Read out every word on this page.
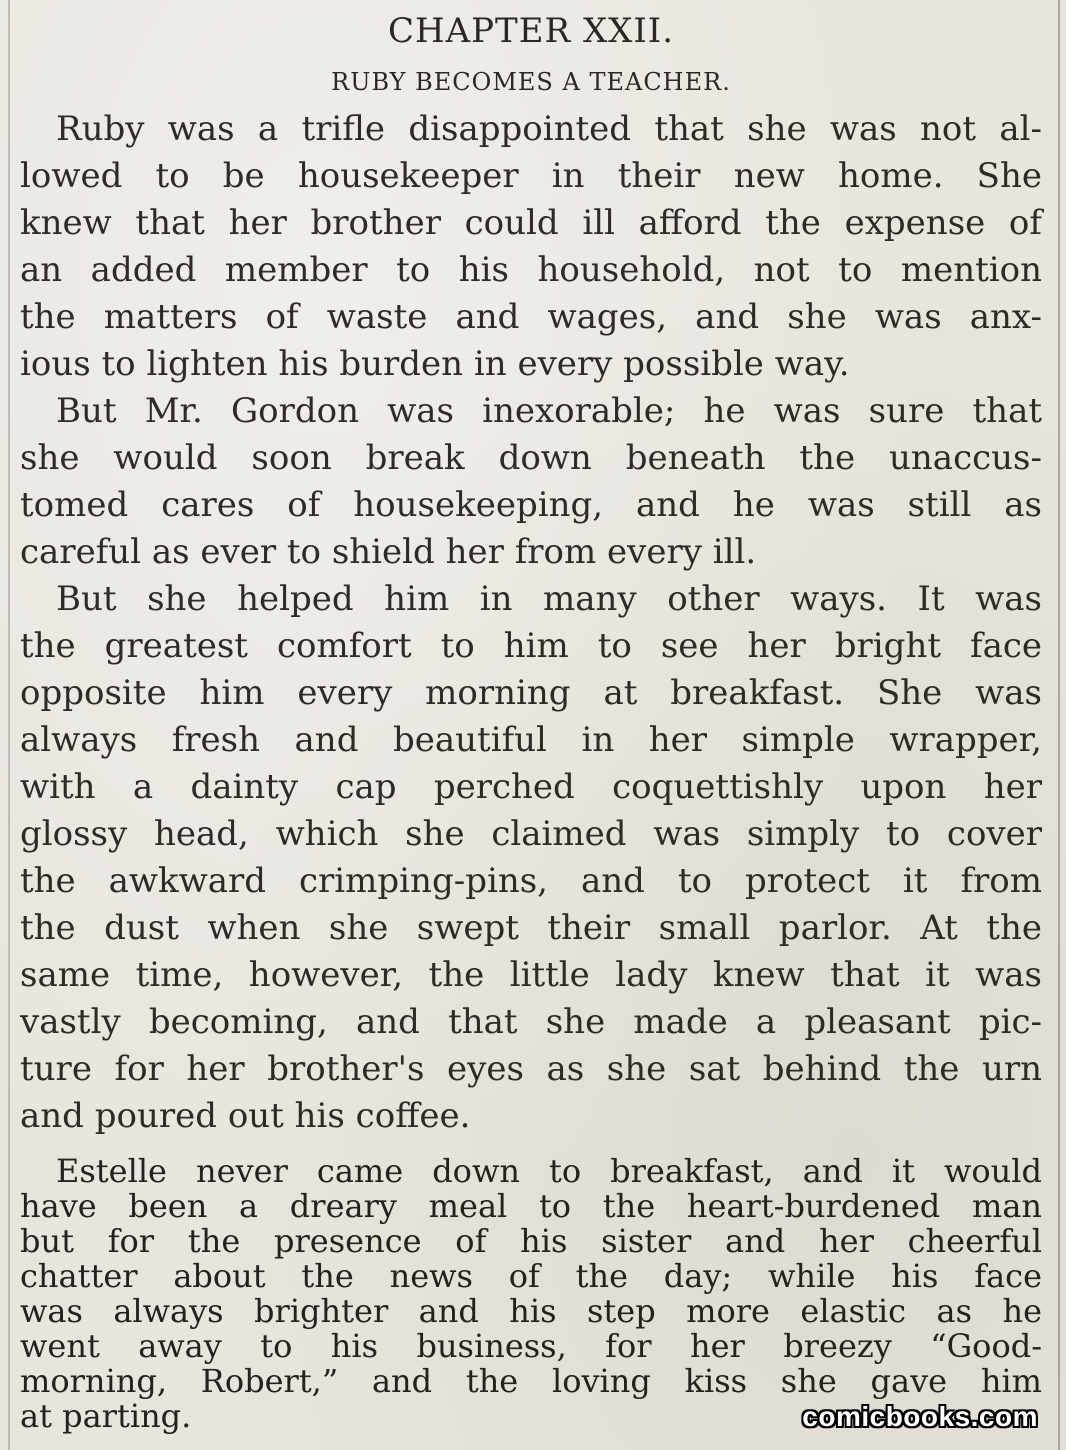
CHAPTER XXII.
RUBY BECOMES A TEACHER.
Ruby was a trifle disappointed that she was not al-
lowed to be housekeeper in their new home. She
knew that her brother could ill afford the expense of
an added member to his household, not to mention
the matters of waste and wages, and she was anx-
ious to lighten his burden in every possible way.
But Mr. Gordon was inexorable; he was sure that
she would soon break down beneath the unaccus-
tomed cares of housekeeping, and he was still as
careful as ever to shield her from every ill.
But she helped him in many other ways. It was
the greatest comfort to him to see her bright face
opposite him every morning at breakfast. She was
always fresh and beautiful in her simple wrapper,
with a dainty cap perched coquettishly upon her
glossy head, which she claimed was simply to cover
the awkward crimping-pins, and to protect it from
the dust when she swept their small parlor. At the
same time, however, the little lady knew that it was
vastly becoming, and that she made a pleasant pic-
ture for her brother's eyes as she sat behind the urn
and poured out his coffee.
Estelle never came down to breakfast, and it would
have been a dreary meal to the heart-burdened man
but for the presence of his sister and her cheerful
chatter about the news of the day; while his face
was always brighter and his step more elastic as he
went away to his business, for her breezy “Good-
morning, Robert,” and the loving kiss she gave him
at parting.	comicbooks.com
